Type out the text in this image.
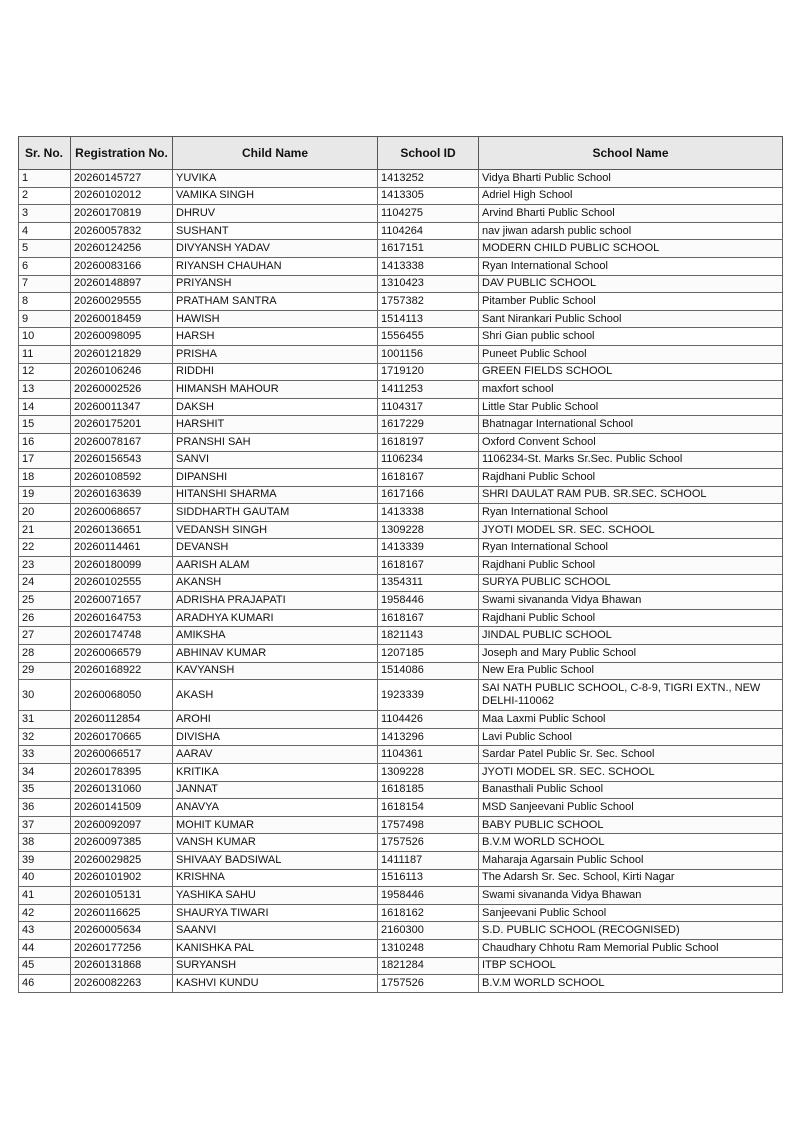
Sr. No.	Registration No.	Child Name	School ID	School Name
1	20260145727	YUVIKA	1413252	Vidya Bharti Public School
2	20260102012	VAMIKA SINGH	1413305	Adriel High School
3	20260170819	DHRUV	1104275	Arvind Bharti Public School
4	20260057832	SUSHANT	1104264	nav jiwan adarsh public school
5	20260124256	DIVYANSH YADAV	1617151	MODERN CHILD PUBLIC SCHOOL
6	20260083166	RIYANSH CHAUHAN	1413338	Ryan International School
7	20260148897	PRIYANSH	1310423	DAV PUBLIC SCHOOL
8	20260029555	PRATHAM SANTRA	1757382	Pitamber Public School
9	20260018459	HAWISH	1514113	Sant Nirankari Public School
10	20260098095	HARSH	1556455	Shri Gian public school
11	20260121829	PRISHA	1001156	Puneet Public School
12	20260106246	RIDDHI	1719120	GREEN FIELDS SCHOOL
13	20260002526	HIMANSH MAHOUR	1411253	maxfort school
14	20260011347	DAKSH	1104317	Little Star Public School
15	20260175201	HARSHIT	1617229	Bhatnagar International School
16	20260078167	PRANSHI SAH	1618197	Oxford Convent School
17	20260156543	SANVI	1106234	1106234-St. Marks Sr.Sec. Public School
18	20260108592	DIPANSHI	1618167	Rajdhani Public School
19	20260163639	HITANSHI SHARMA	1617166	SHRI DAULAT RAM PUB. SR.SEC. SCHOOL
20	20260068657	SIDDHARTH GAUTAM	1413338	Ryan International School
21	20260136651	VEDANSH SINGH	1309228	JYOTI MODEL SR. SEC. SCHOOL
22	20260114461	DEVANSH	1413339	Ryan International School
23	20260180099	AARISH ALAM	1618167	Rajdhani Public School
24	20260102555	AKANSH	1354311	SURYA PUBLIC SCHOOL
25	20260071657	ADRISHA PRAJAPATI	1958446	Swami sivananda Vidya Bhawan
26	20260164753	ARADHYA KUMARI	1618167	Rajdhani Public School
27	20260174748	AMIKSHA	1821143	JINDAL PUBLIC SCHOOL
28	20260066579	ABHINAV KUMAR	1207185	Joseph and Mary Public School
29	20260168922	KAVYANSH	1514086	New Era Public School
30	20260068050	AKASH	1923339	SAI NATH PUBLIC SCHOOL, C-8-9, TIGRI EXTN., NEW DELHI-110062
31	20260112854	AROHI	1104426	Maa Laxmi Public School
32	20260170665	DIVISHA	1413296	Lavi Public School
33	20260066517	AARAV	1104361	Sardar Patel Public Sr. Sec. School
34	20260178395	KRITIKA	1309228	JYOTI MODEL SR. SEC. SCHOOL
35	20260131060	JANNAT	1618185	Banasthali Public School
36	20260141509	ANAVYA	1618154	MSD Sanjeevani Public School
37	20260092097	MOHIT KUMAR	1757498	BABY PUBLIC SCHOOL
38	20260097385	VANSH KUMAR	1757526	B.V.M WORLD SCHOOL
39	20260029825	SHIVAAY BADSIWAL	1411187	Maharaja Agarsain Public School
40	20260101902	KRISHNA	1516113	The Adarsh Sr. Sec. School, Kirti Nagar
41	20260105131	YASHIKA SAHU	1958446	Swami sivananda Vidya Bhawan
42	20260116625	SHAURYA TIWARI	1618162	Sanjeevani Public School
43	20260005634	SAANVI	2160300	S.D. PUBLIC SCHOOL (RECOGNISED)
44	20260177256	KANISHKA PAL	1310248	Chaudhary Chhotu Ram Memorial Public School
45	20260131868	SURYANSH	1821284	ITBP SCHOOL
46	20260082263	KASHVI KUNDU	1757526	B.V.M WORLD SCHOOL
